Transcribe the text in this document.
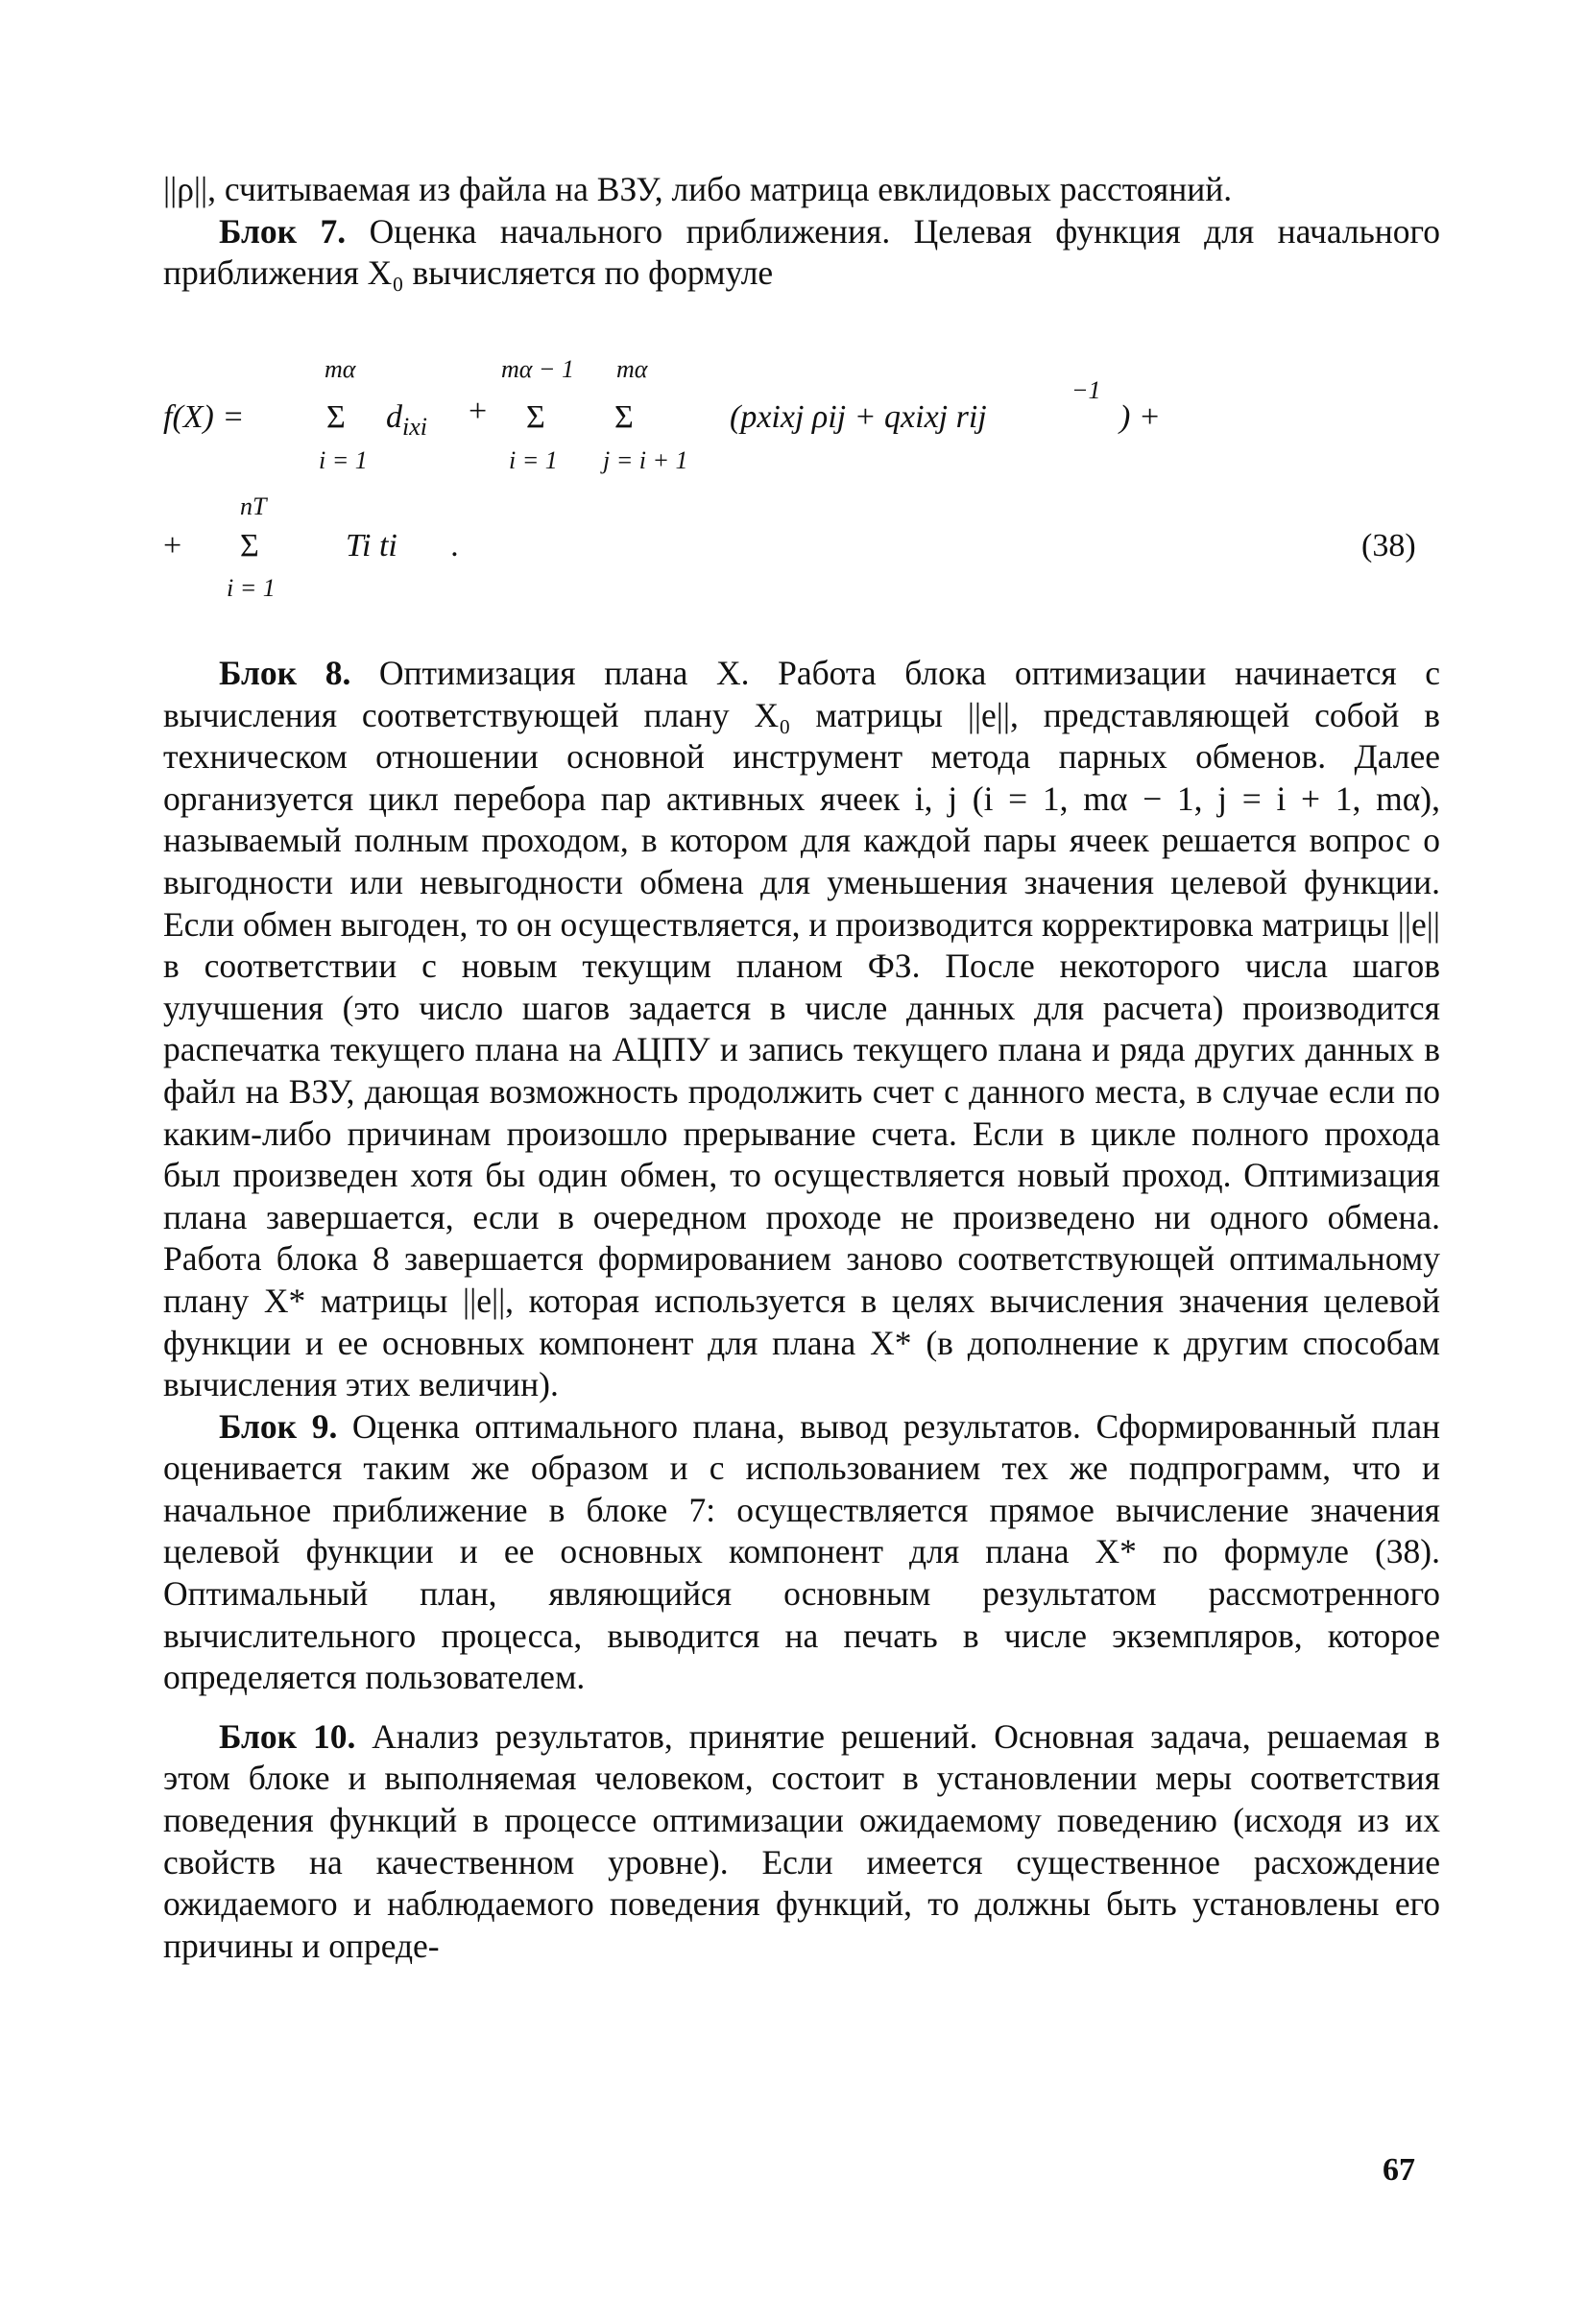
||ρ||, считываемая из файла на ВЗУ, либо матрица евклидовых расстояний.

Блок 7. Оценка начального приближения. Целевая функция для начального приближения X₀ вычисляется по формуле

mα	mα − 1 mα
f(X) =	Σ $d_{ixi} + \Sigma$ Σ	(pxixj ρij + qxixj rij
−1
) +
i = 1	i = 1 j = i + 1
nT
+ Σ	Ti ti .
i = 1
(38)

Блок 8. Оптимизация плана X. Работа блока оптимизации начинается с вычисления соответствующей плану X₀ матрицы ||e||, представляющей собой в техническом отношении основной инструмент метода парных обменов. Далее организуется цикл перебора пар активных ячеек i, j (i = 1, mα − 1, j = i + 1, mα), называемый полным проходом, в котором для каждой пары ячеек решается вопрос о выгодности или невыгодности обмена для уменьшения значения целевой функции. Если обмен выгоден, то он осуществляется, и производится корректировка матрицы ||e|| в соответствии с новым текущим планом ФЗ. После некоторого числа шагов улучшения (это число шагов задается в числе данных для расчета) производится распечатка текущего плана на АЦПУ и запись текущего плана и ряда других данных в файл на ВЗУ, дающая возможность продолжить счет с данного места, в случае если по каким-либо причинам произошло прерывание счета. Если в цикле полного прохода был произведен хотя бы один обмен, то осуществляется новый проход. Оптимизация плана завершается, если в очередном проходе не произведено ни одного обмена. Работа блока 8 завершается формированием заново соответствующей оптимальному плану X* матрицы ||e||, которая используется в целях вычисления значения целевой функции и ее основных компонент для плана X* (в дополнение к другим способам вычисления этих величин).

Блок 9. Оценка оптимального плана, вывод результатов. Сформированный план оценивается таким же образом и с использованием тех же подпрограмм, что и начальное приближение в блоке 7: осуществляется прямое вычисление значения целевой функции и ее основных компонент для плана X* по формуле (38). Оптимальный план, являющийся основным результатом рассмотренного вычислительного процесса, выводится на печать в числе экземпляров, которое определяется пользователем.

Блок 10. Анализ результатов, принятие решений. Основная задача, решаемая в этом блоке и выполняемая человеком, состоит в установлении меры соответствия поведения функций в процессе оптимизации ожидаемому поведению (исходя из их свойств на качественном уровне). Если имеется существенное расхождение ожидаемого и наблюдаемого поведения функций, то должны быть установлены его причины и опреде-

67
